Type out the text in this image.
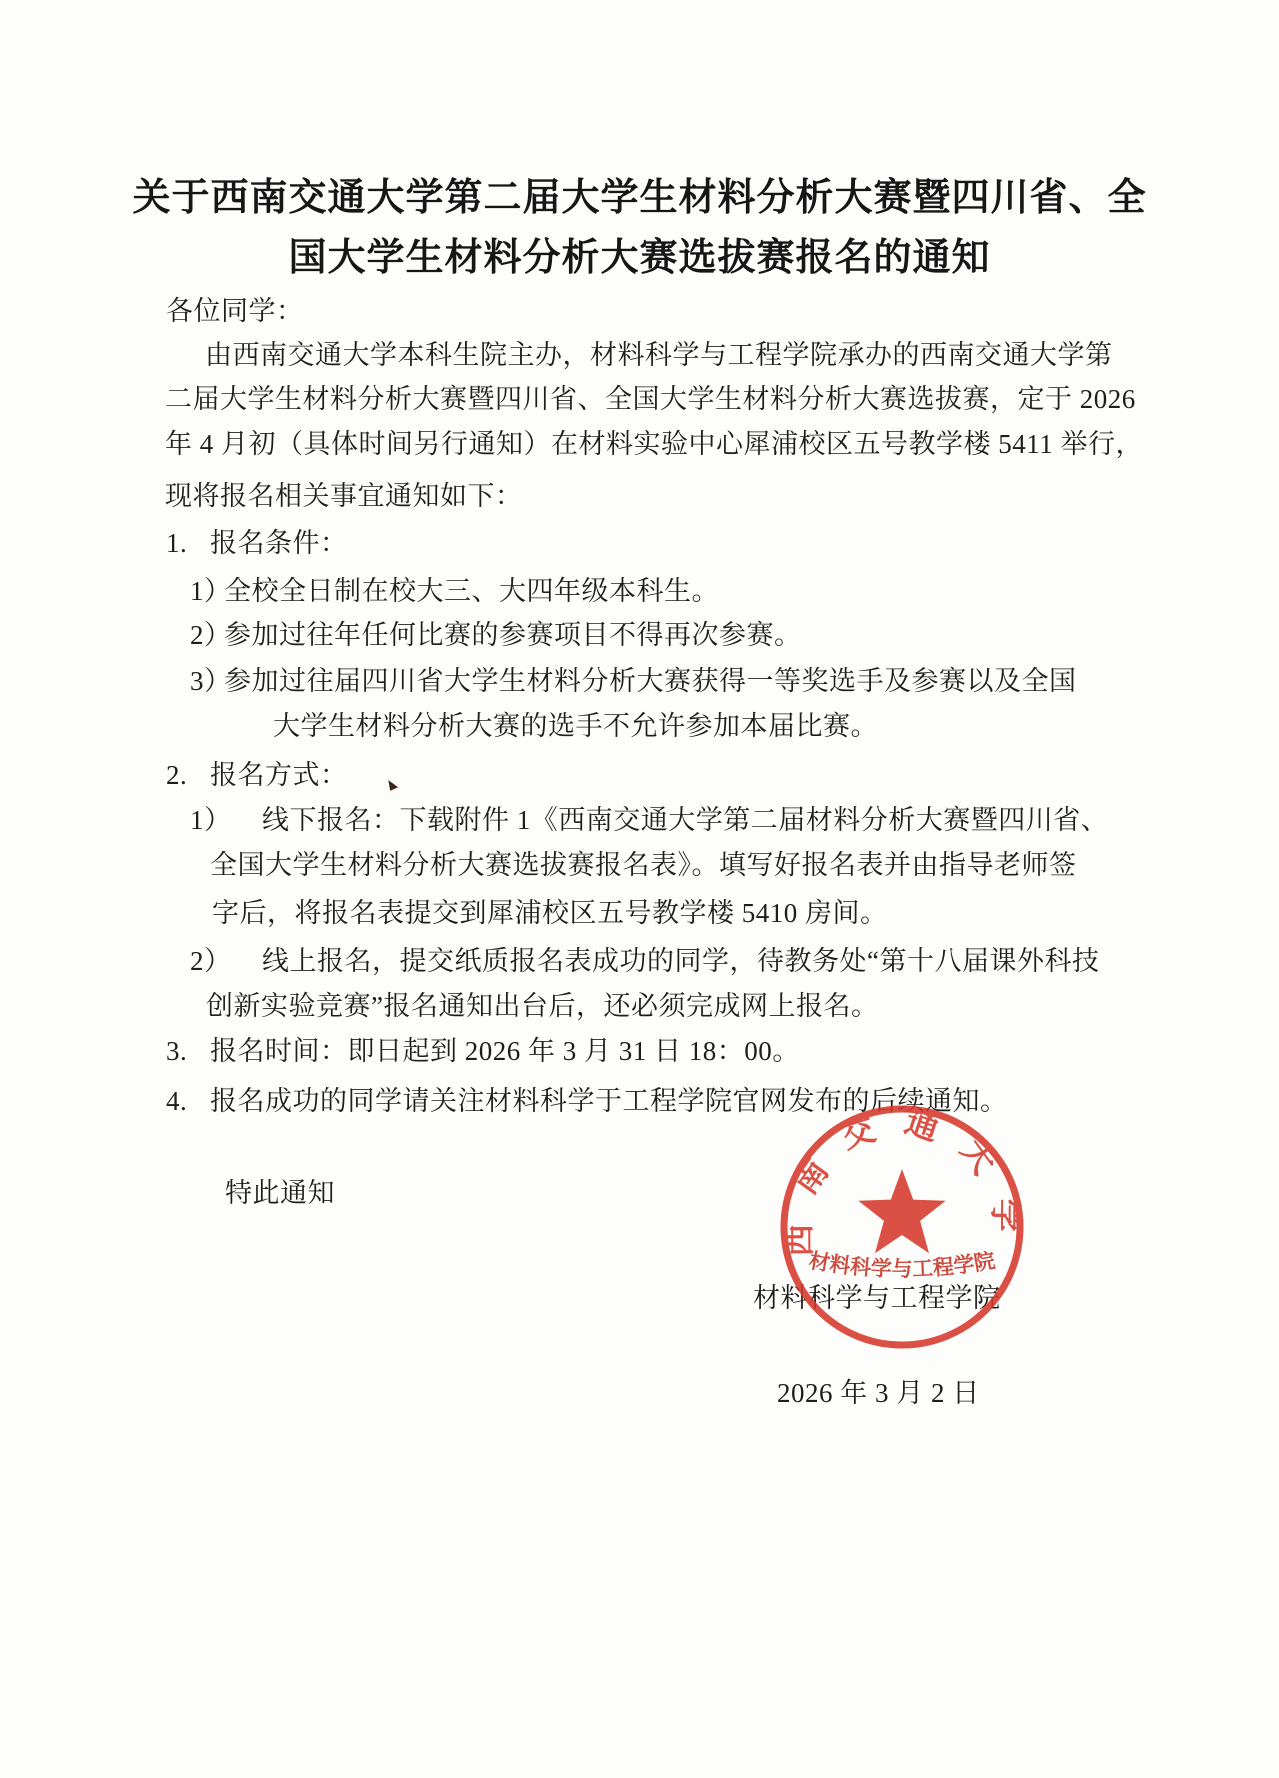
关于西南交通大学第二届大学生材料分析大赛暨四川省、全
国大学生材料分析大赛选拔赛报名的通知
各位同学：
由西南交通大学本科生院主办，材料科学与工程学院承办的西南交通大学第
二届大学生材料分析大赛暨四川省、全国大学生材料分析大赛选拔赛，定于 2026
年 4 月初（具体时间另行通知）在材料实验中心犀浦校区五号教学楼 5411 举行，
现将报名相关事宜通知如下：
1. 报名条件：
1）全校全日制在校大三、大四年级本科生。
2）参加过往年任何比赛的参赛项目不得再次参赛。
3）参加过往届四川省大学生材料分析大赛获得一等奖选手及参赛以及全国
大学生材料分析大赛的选手不允许参加本届比赛。
2. 报名方式：
1） 线下报名：下载附件 1《西南交通大学第二届材料分析大赛暨四川省、
全国大学生材料分析大赛选拔赛报名表》。填写好报名表并由指导老师签
字后，将报名表提交到犀浦校区五号教学楼 5410 房间。
2） 线上报名，提交纸质报名表成功的同学，待教务处“第十八届课外科技
创新实验竞赛”报名通知出台后，还必须完成网上报名。
3. 报名时间：即日起到 2026 年 3 月 31 日 18：00。
4. 报名成功的同学请关注材料科学于工程学院官网发布的后续通知。
特此通知
材料科学与工程学院
2026 年 3 月 2 日
西南交通大学
材料科学与工程学院
